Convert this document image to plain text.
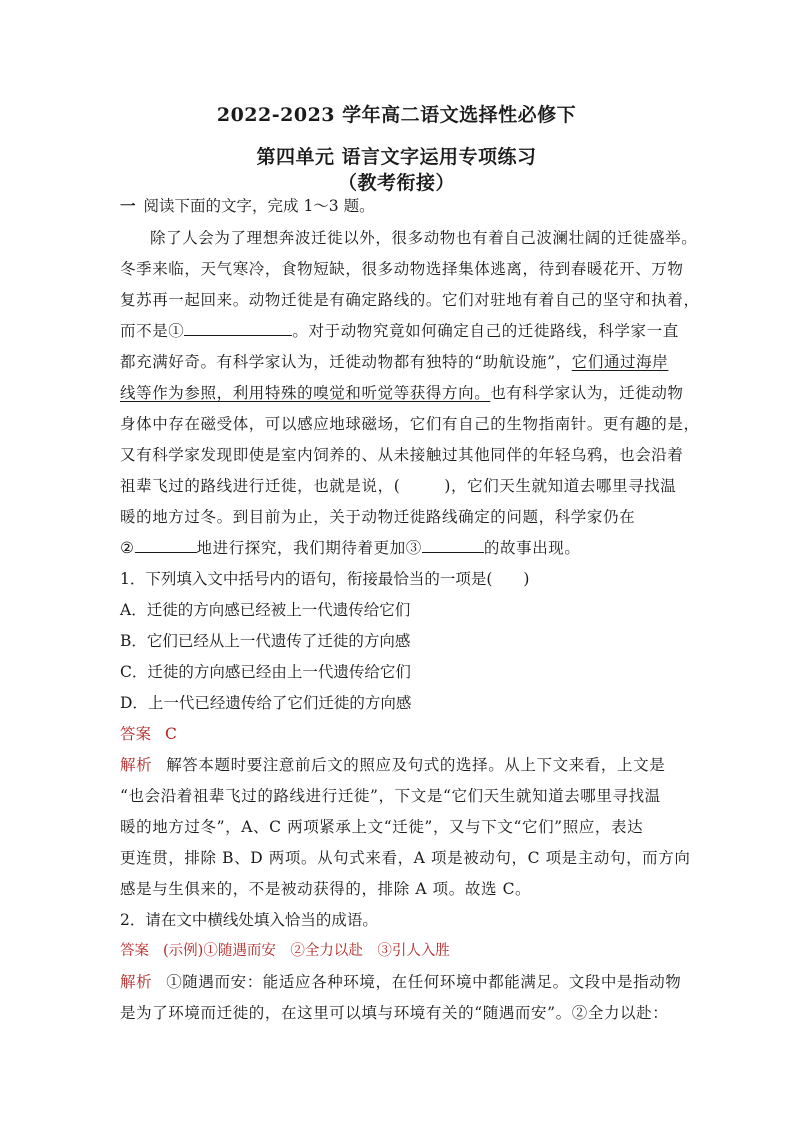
2022-2023 学年高二语文选择性必修下
第四单元 语言文字运用专项练习
（教考衔接）
一 阅读下面的文字，完成 1～3 题。
除了人会为了理想奔波迁徙以外，很多动物也有着自己波澜壮阔的迁徙盛举。
冬季来临，天气寒冷，食物短缺，很多动物选择集体逃离，待到春暖花开、万物
复苏再一起回来。动物迁徙是有确定路线的。它们对驻地有着自己的坚守和执着，
而不是①	。对于动物究竟如何确定自己的迁徙路线，科学家一直
都充满好奇。有科学家认为，迁徙动物都有独特的“助航设施”，它们通过海岸
线等作为参照，利用特殊的嗅觉和听觉等获得方向。也有科学家认为，迁徙动物
身体中存在磁受体，可以感应地球磁场，它们有自己的生物指南针。更有趣的是，
又有科学家发现即使是室内饲养的、从未接触过其他同伴的年轻乌鸦，也会沿着
祖辈飞过的路线进行迁徙，也就是说，(	)，它们天生就知道去哪里寻找温
暖的地方过冬。到目前为止，关于动物迁徙路线确定的问题，科学家仍在
②	地进行探究，我们期待着更加③	的故事出现。
1．下列填入文中括号内的语句，衔接最恰当的一项是(　　)
A．迁徙的方向感已经被上一代遗传给它们
B．它们已经从上一代遗传了迁徙的方向感
C．迁徙的方向感已经由上一代遗传给它们
D．上一代已经遗传给了它们迁徙的方向感
答案 C
解析 解答本题时要注意前后文的照应及句式的选择。从上下文来看，上文是
“也会沿着祖辈飞过的路线进行迁徙”，下文是“它们天生就知道去哪里寻找温
暖的地方过冬”，A、C 两项紧承上文“迁徙”，又与下文“它们”照应，表达
更连贯，排除 B、D 两项。从句式来看，A 项是被动句，C 项是主动句，而方向
感是与生俱来的，不是被动获得的，排除 A 项。故选 C。
2．请在文中横线处填入恰当的成语。
答案 (示例)①随遇而安　②全力以赴　③引人入胜
解析 ①随遇而安：能适应各种环境，在任何环境中都能满足。文段中是指动物
是为了环境而迁徙的，在这里可以填与环境有关的“随遇而安”。②全力以赴：
